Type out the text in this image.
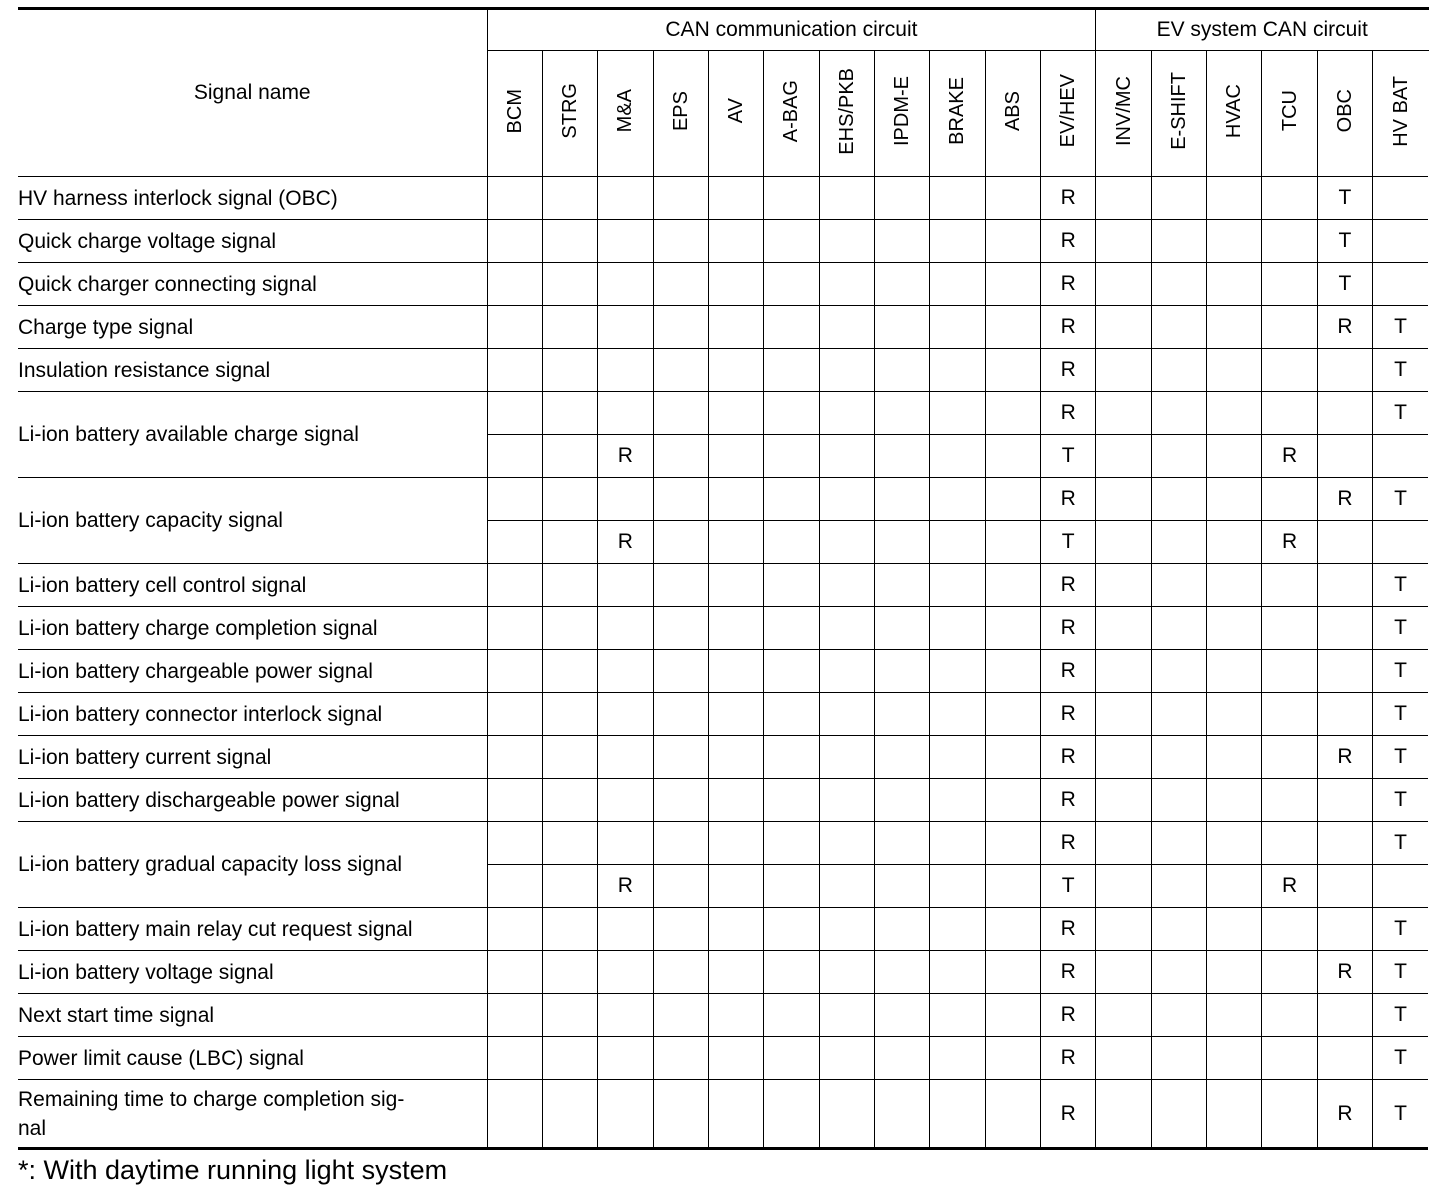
Signal name	CAN communication circuit											EV system CAN circuit					
	BCM	STRG	M&A	EPS	AV	A-BAG	EHS/PKB	IPDM-E	BRAKE	ABS	EV/HEV	INV/MC	E-SHIFT	HVAC	TCU	OBC	HV BAT
HV harness interlock signal (OBC)											R					T	
Quick charge voltage signal											R					T	
Quick charger connecting signal											R					T	
Charge type signal											R					R	T
Insulation resistance signal											R						T
Li-ion battery available charge signal											R						T
			R								T				R		
Li-ion battery capacity signal											R					R	T
			R								T				R		
Li-ion battery cell control signal											R						T
Li-ion battery charge completion signal											R						T
Li-ion battery chargeable power signal											R						T
Li-ion battery connector interlock signal											R						T
Li-ion battery current signal											R					R	T
Li-ion battery dischargeable power signal											R						T
Li-ion battery gradual capacity loss signal											R						T
			R								T				R		
Li-ion battery main relay cut request signal											R						T
Li-ion battery voltage signal											R					R	T
Next start time signal											R						T
Power limit cause (LBC) signal											R						T
Remaining time to charge completion sig-
nal											R					R	T
*: With daytime running light system
